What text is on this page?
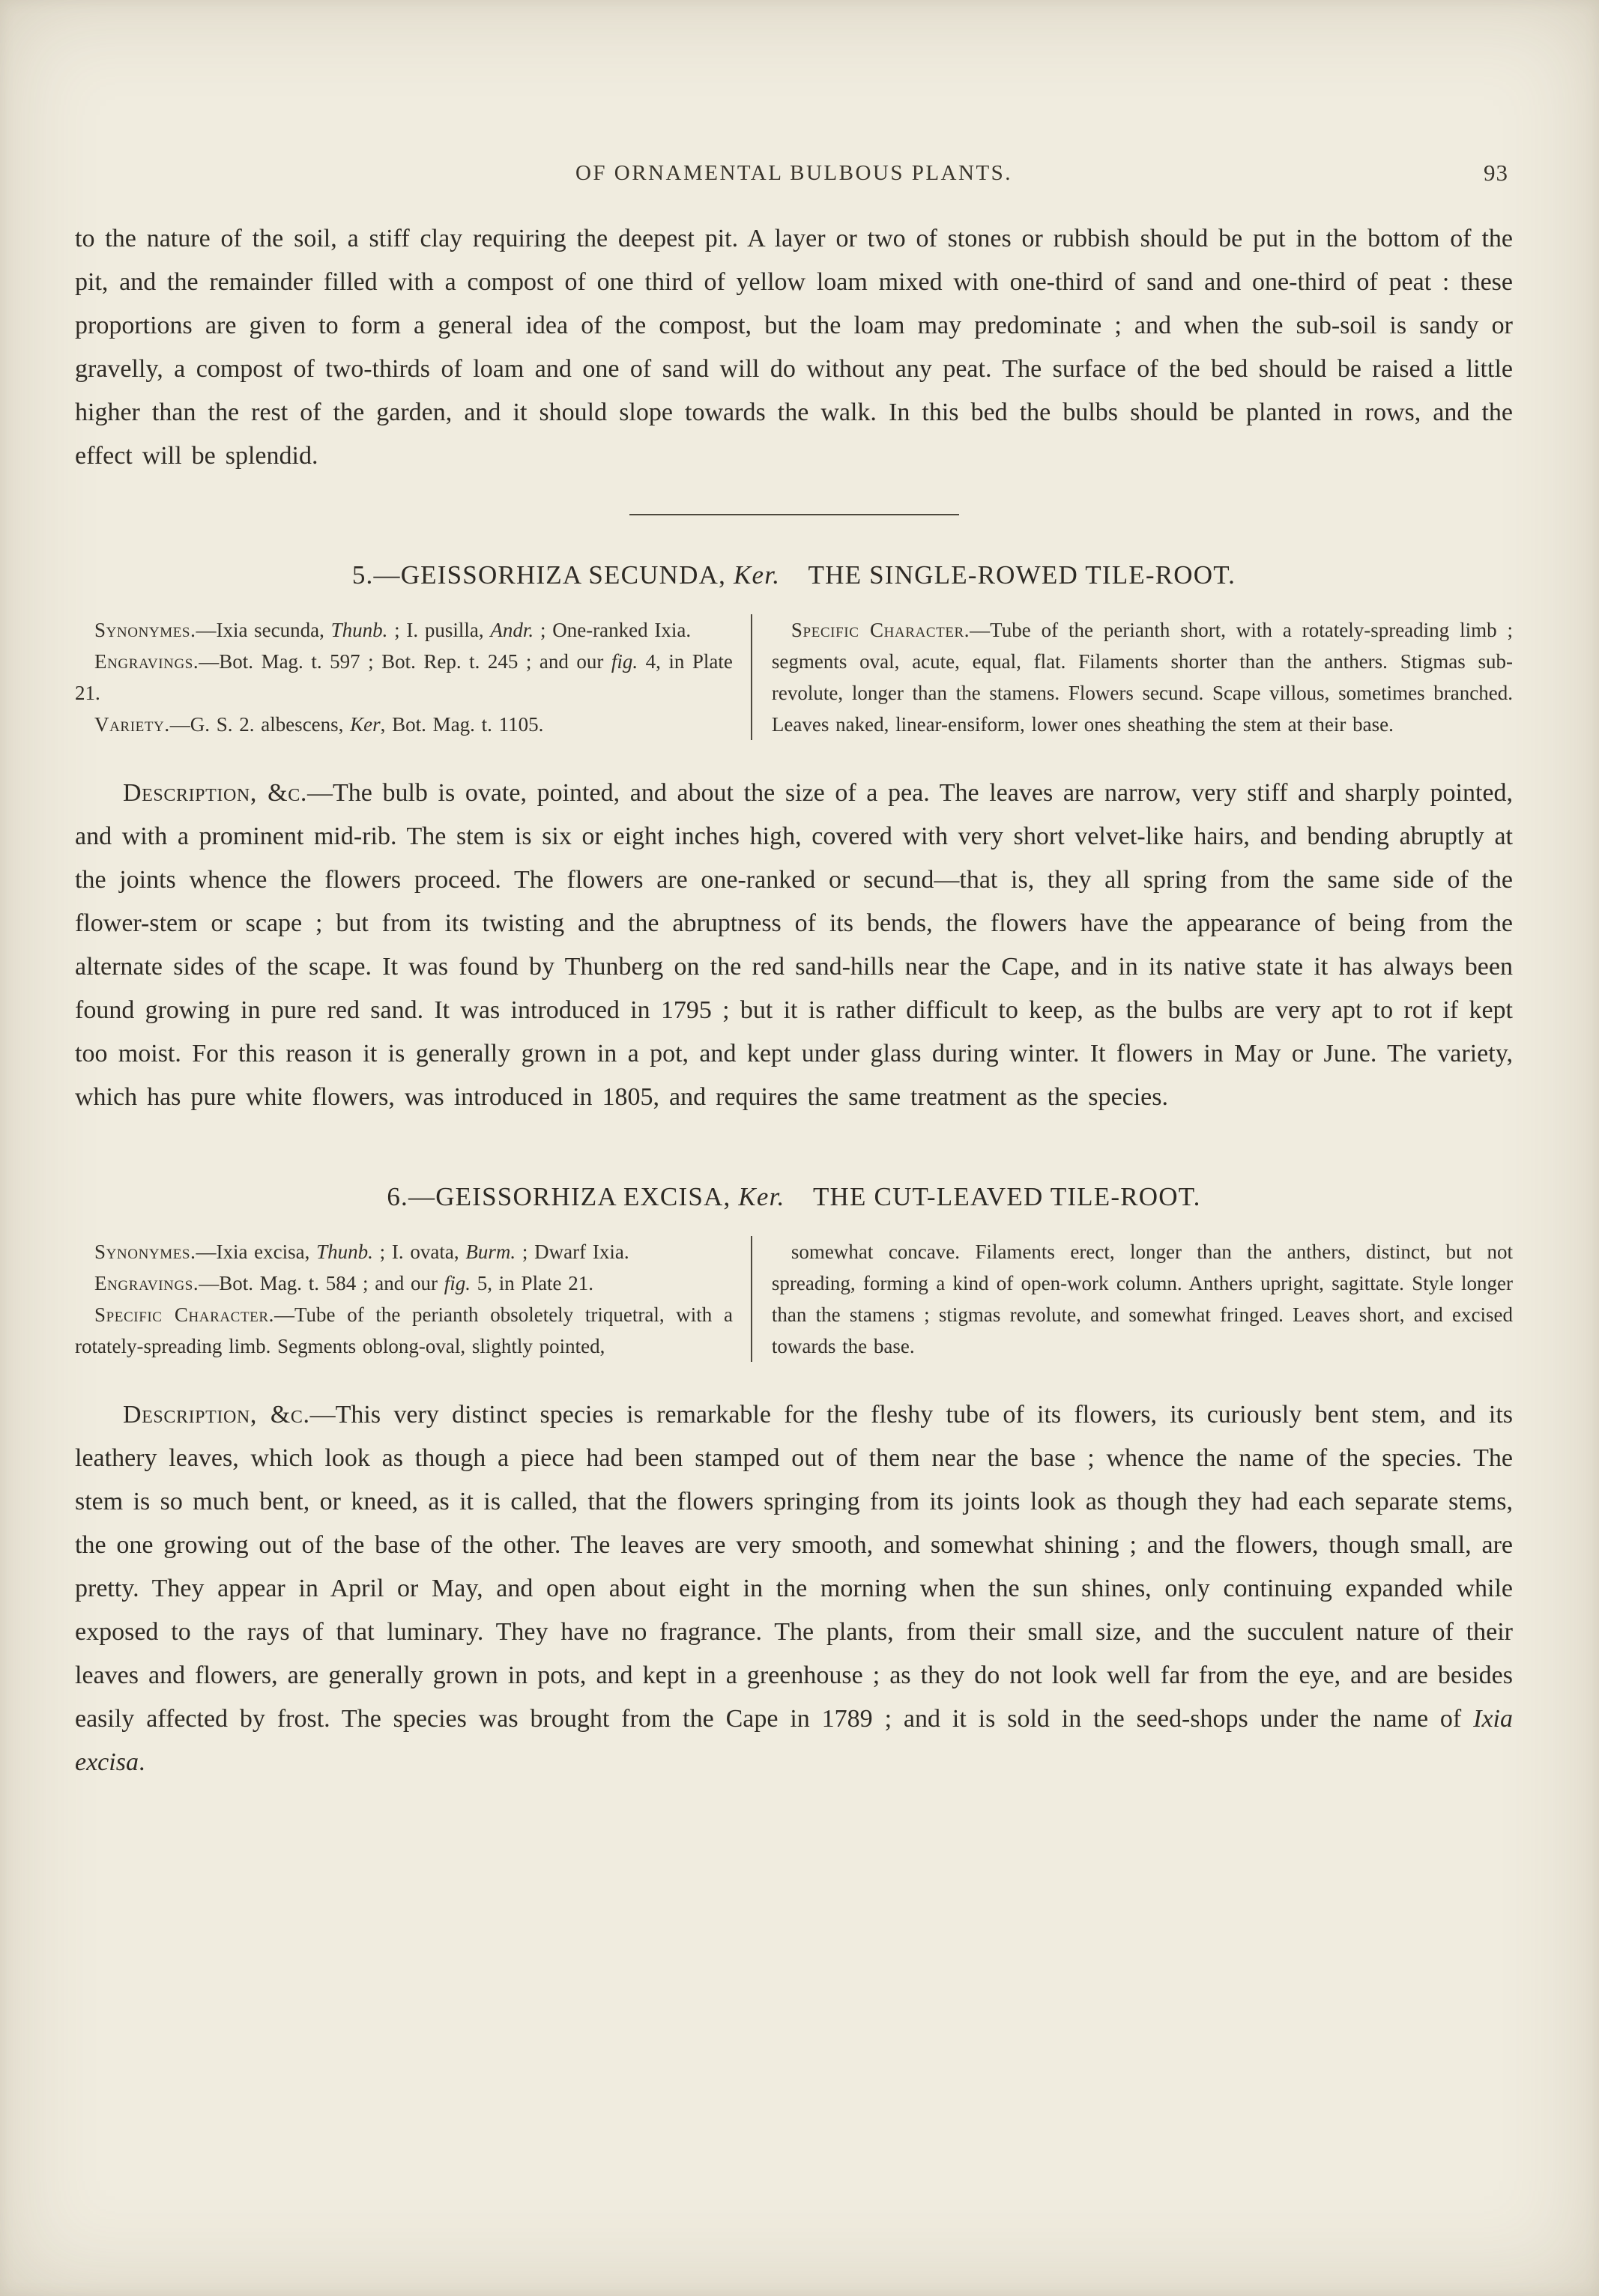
OF ORNAMENTAL BULBOUS PLANTS.	93

to the nature of the soil, a stiff clay requiring the deepest pit. A layer or two of stones or rubbish should be put in the bottom of the pit, and the remainder filled with a compost of one third of yellow loam mixed with one-third of sand and one-third of peat : these proportions are given to form a general idea of the compost, but the loam may predominate ; and when the sub-soil is sandy or gravelly, a compost of two-thirds of loam and one of sand will do without any peat. The surface of the bed should be raised a little higher than the rest of the garden, and it should slope towards the walk. In this bed the bulbs should be planted in rows, and the effect will be splendid.

5.—GEISSORHIZA SECUNDA, Ker.  THE SINGLE-ROWED TILE-ROOT.

Synonymes.—Ixia secunda, Thunb. ; I. pusilla, Andr. ; One-ranked Ixia.

Engravings.—Bot. Mag. t. 597 ; Bot. Rep. t. 245 ; and our fig. 4, in Plate 21.

Variety.—G. S. 2. albescens, Ker, Bot. Mag. t. 1105.

Specific Character.—Tube of the perianth short, with a rotately-spreading limb ; segments oval, acute, equal, flat. Filaments shorter than the anthers. Stigmas sub-revolute, longer than the stamens. Flowers secund. Scape villous, sometimes branched. Leaves naked, linear-ensiform, lower ones sheathing the stem at their base.

Description, &c.—The bulb is ovate, pointed, and about the size of a pea. The leaves are narrow, very stiff and sharply pointed, and with a prominent mid-rib. The stem is six or eight inches high, covered with very short velvet-like hairs, and bending abruptly at the joints whence the flowers proceed. The flowers are one-ranked or secund—that is, they all spring from the same side of the flower-stem or scape ; but from its twisting and the abruptness of its bends, the flowers have the appearance of being from the alternate sides of the scape. It was found by Thunberg on the red sand-hills near the Cape, and in its native state it has always been found growing in pure red sand. It was introduced in 1795 ; but it is rather difficult to keep, as the bulbs are very apt to rot if kept too moist. For this reason it is generally grown in a pot, and kept under glass during winter. It flowers in May or June. The variety, which has pure white flowers, was introduced in 1805, and requires the same treatment as the species.

6.—GEISSORHIZA EXCISA, Ker.  THE CUT-LEAVED TILE-ROOT.

Synonymes.—Ixia excisa, Thunb. ; I. ovata, Burm. ; Dwarf Ixia.

Engravings.—Bot. Mag. t. 584 ; and our fig. 5, in Plate 21.

Specific Character.—Tube of the perianth obsoletely triquetral, with a rotately-spreading limb. Segments oblong-oval, slightly pointed,

somewhat concave. Filaments erect, longer than the anthers, distinct, but not spreading, forming a kind of open-work column. Anthers upright, sagittate. Style longer than the stamens ; stigmas revolute, and somewhat fringed. Leaves short, and excised towards the base.

Description, &c.—This very distinct species is remarkable for the fleshy tube of its flowers, its curiously bent stem, and its leathery leaves, which look as though a piece had been stamped out of them near the base ; whence the name of the species. The stem is so much bent, or kneed, as it is called, that the flowers springing from its joints look as though they had each separate stems, the one growing out of the base of the other. The leaves are very smooth, and somewhat shining ; and the flowers, though small, are pretty. They appear in April or May, and open about eight in the morning when the sun shines, only continuing expanded while exposed to the rays of that luminary. They have no fragrance. The plants, from their small size, and the succulent nature of their leaves and flowers, are generally grown in pots, and kept in a greenhouse ; as they do not look well far from the eye, and are besides easily affected by frost. The species was brought from the Cape in 1789 ; and it is sold in the seed-shops under the name of Ixia excisa.
